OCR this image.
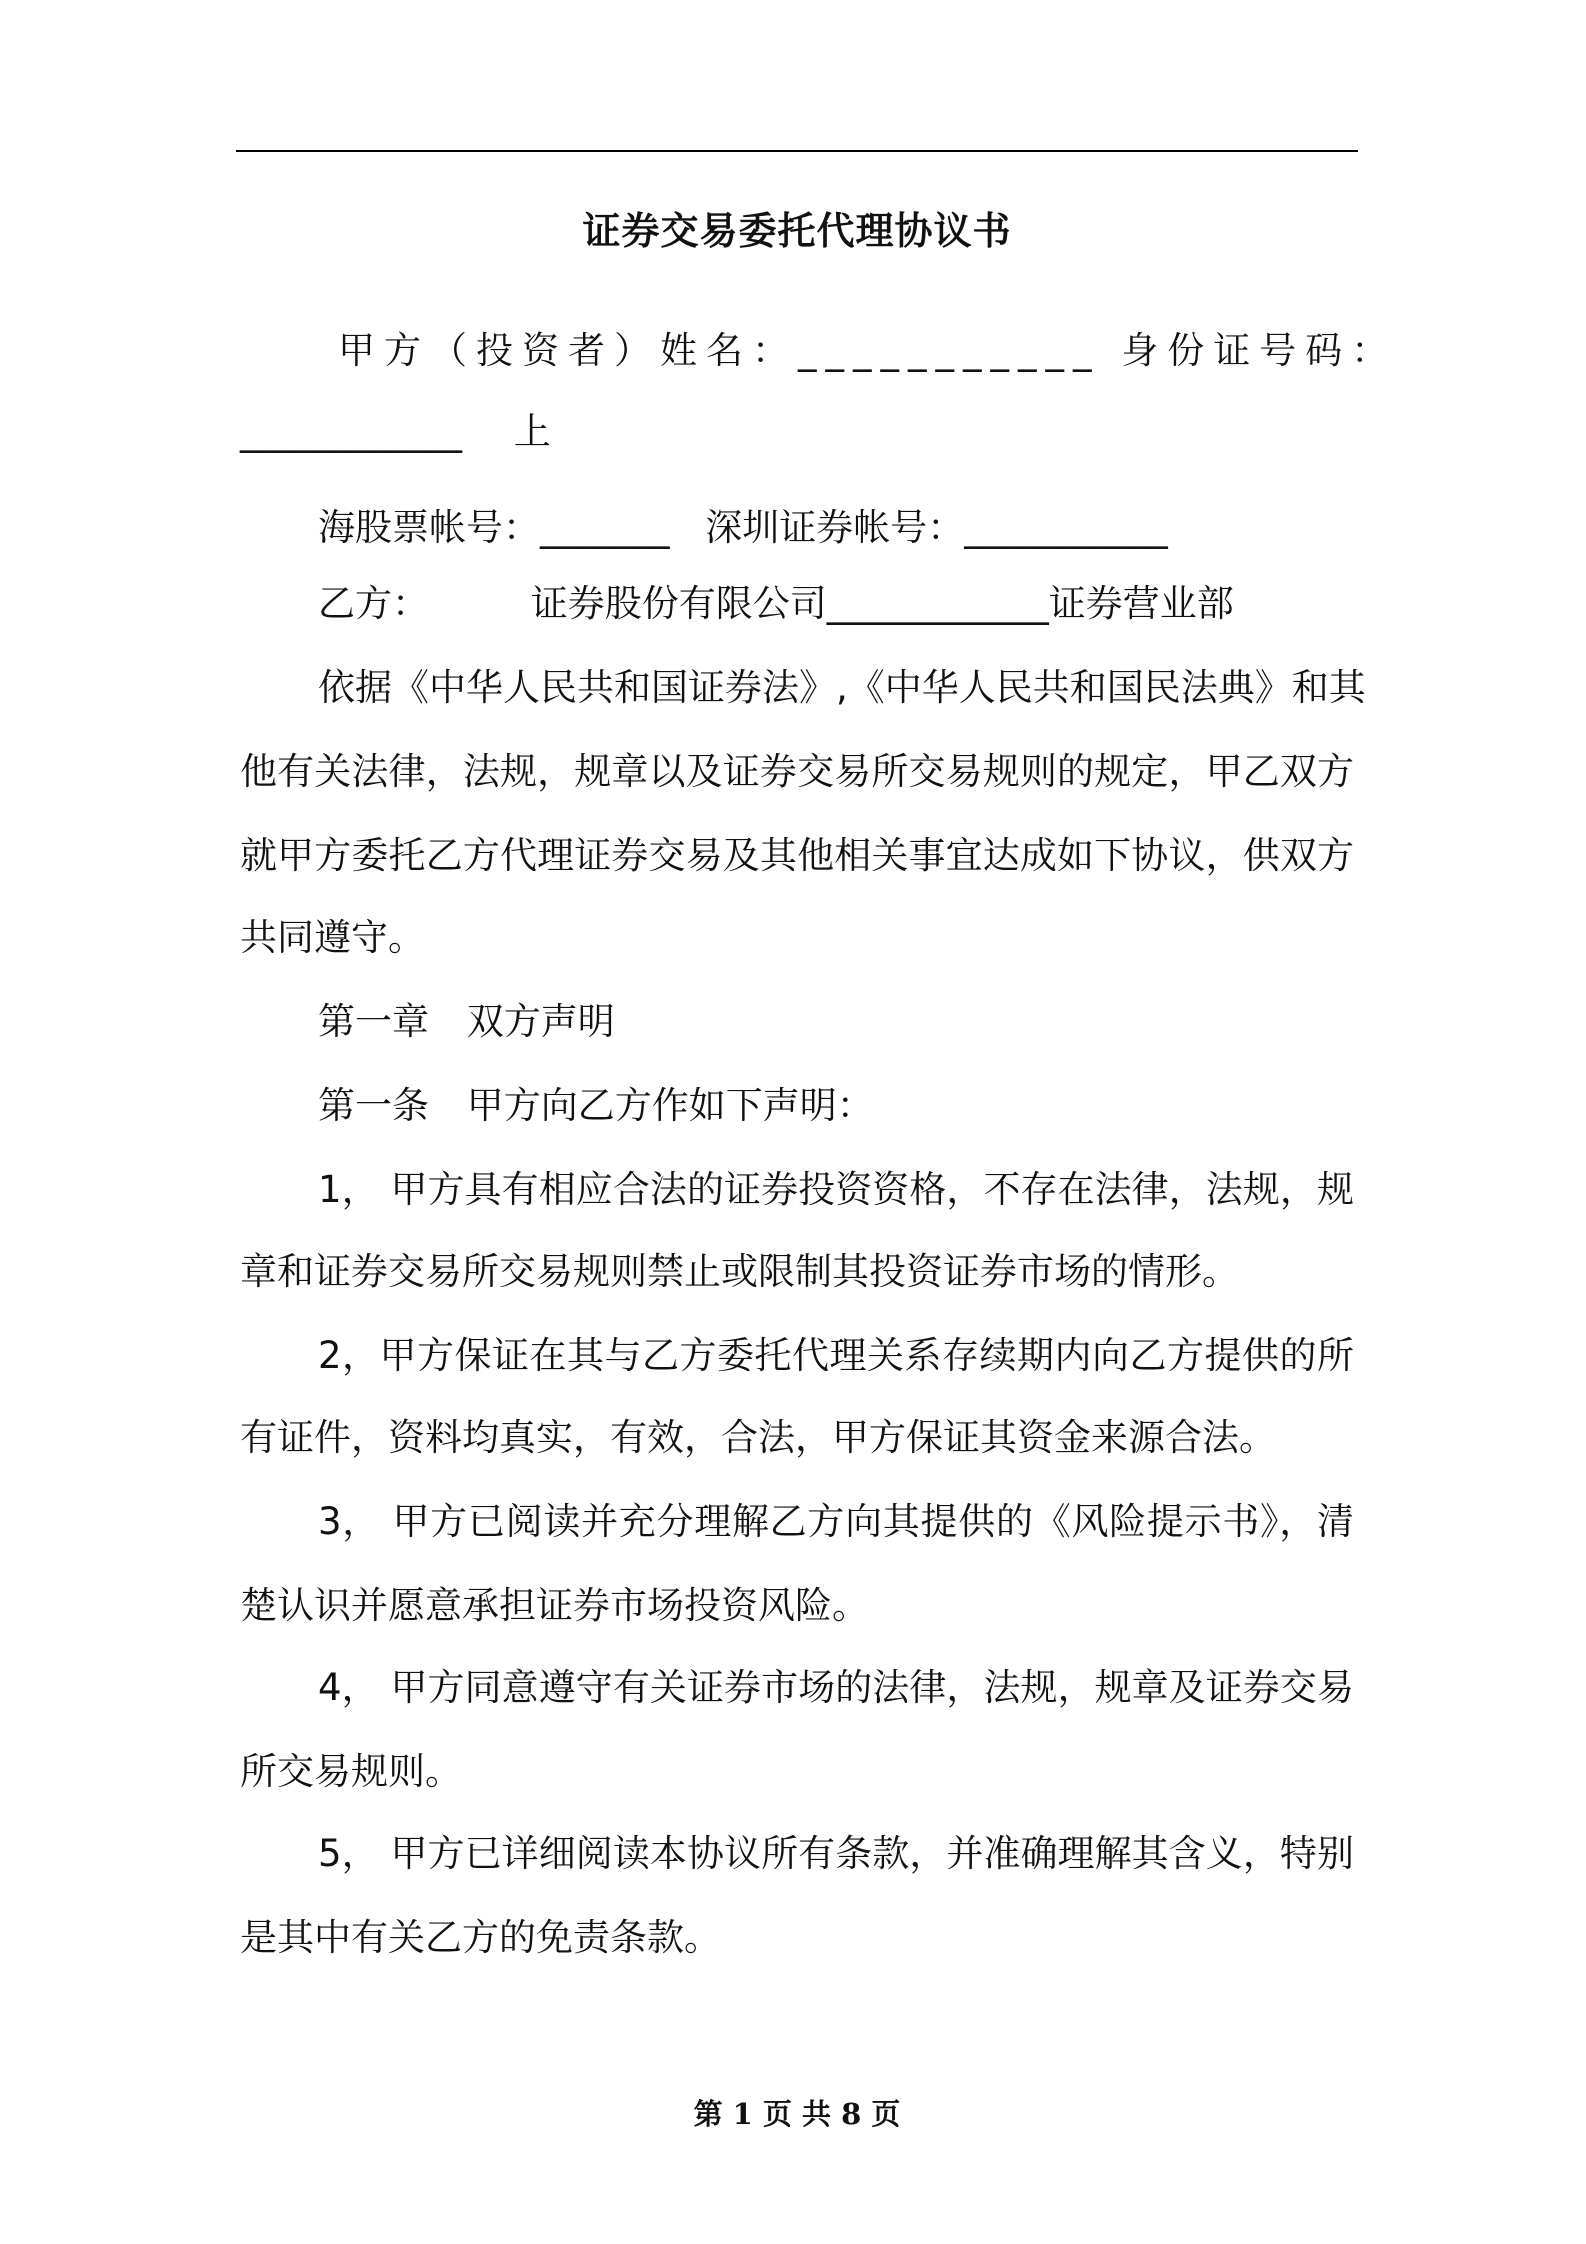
证券交易委托代理协议书
甲方（投资者）姓名：___________ 身份证号码：
____________ 上
海股票帐号：_______ 深圳证券帐号：___________
乙方： 证券股份有限公司____________证券营业部
依据《中华人民共和国证券法》,《中华人民共和国民法典》和其
他有关法律，法规，规章以及证券交易所交易规则的规定，甲乙双方
就甲方委托乙方代理证券交易及其他相关事宜达成如下协议，供双方
共同遵守。
第一章 双方声明
第一条 甲方向乙方作如下声明：
1， 甲方具有相应合法的证券投资资格，不存在法律，法规，规
章和证券交易所交易规则禁止或限制其投资证券市场的情形。
2，甲方保证在其与乙方委托代理关系存续期内向乙方提供的所
有证件，资料均真实，有效，合法，甲方保证其资金来源合法。
3， 甲方已阅读并充分理解乙方向其提供的《风险提示书》，清
楚认识并愿意承担证券市场投资风险。
4， 甲方同意遵守有关证券市场的法律，法规，规章及证券交易
所交易规则。
5， 甲方已详细阅读本协议所有条款，并准确理解其含义，特别
是其中有关乙方的免责条款。
第 1 页 共 8 页
